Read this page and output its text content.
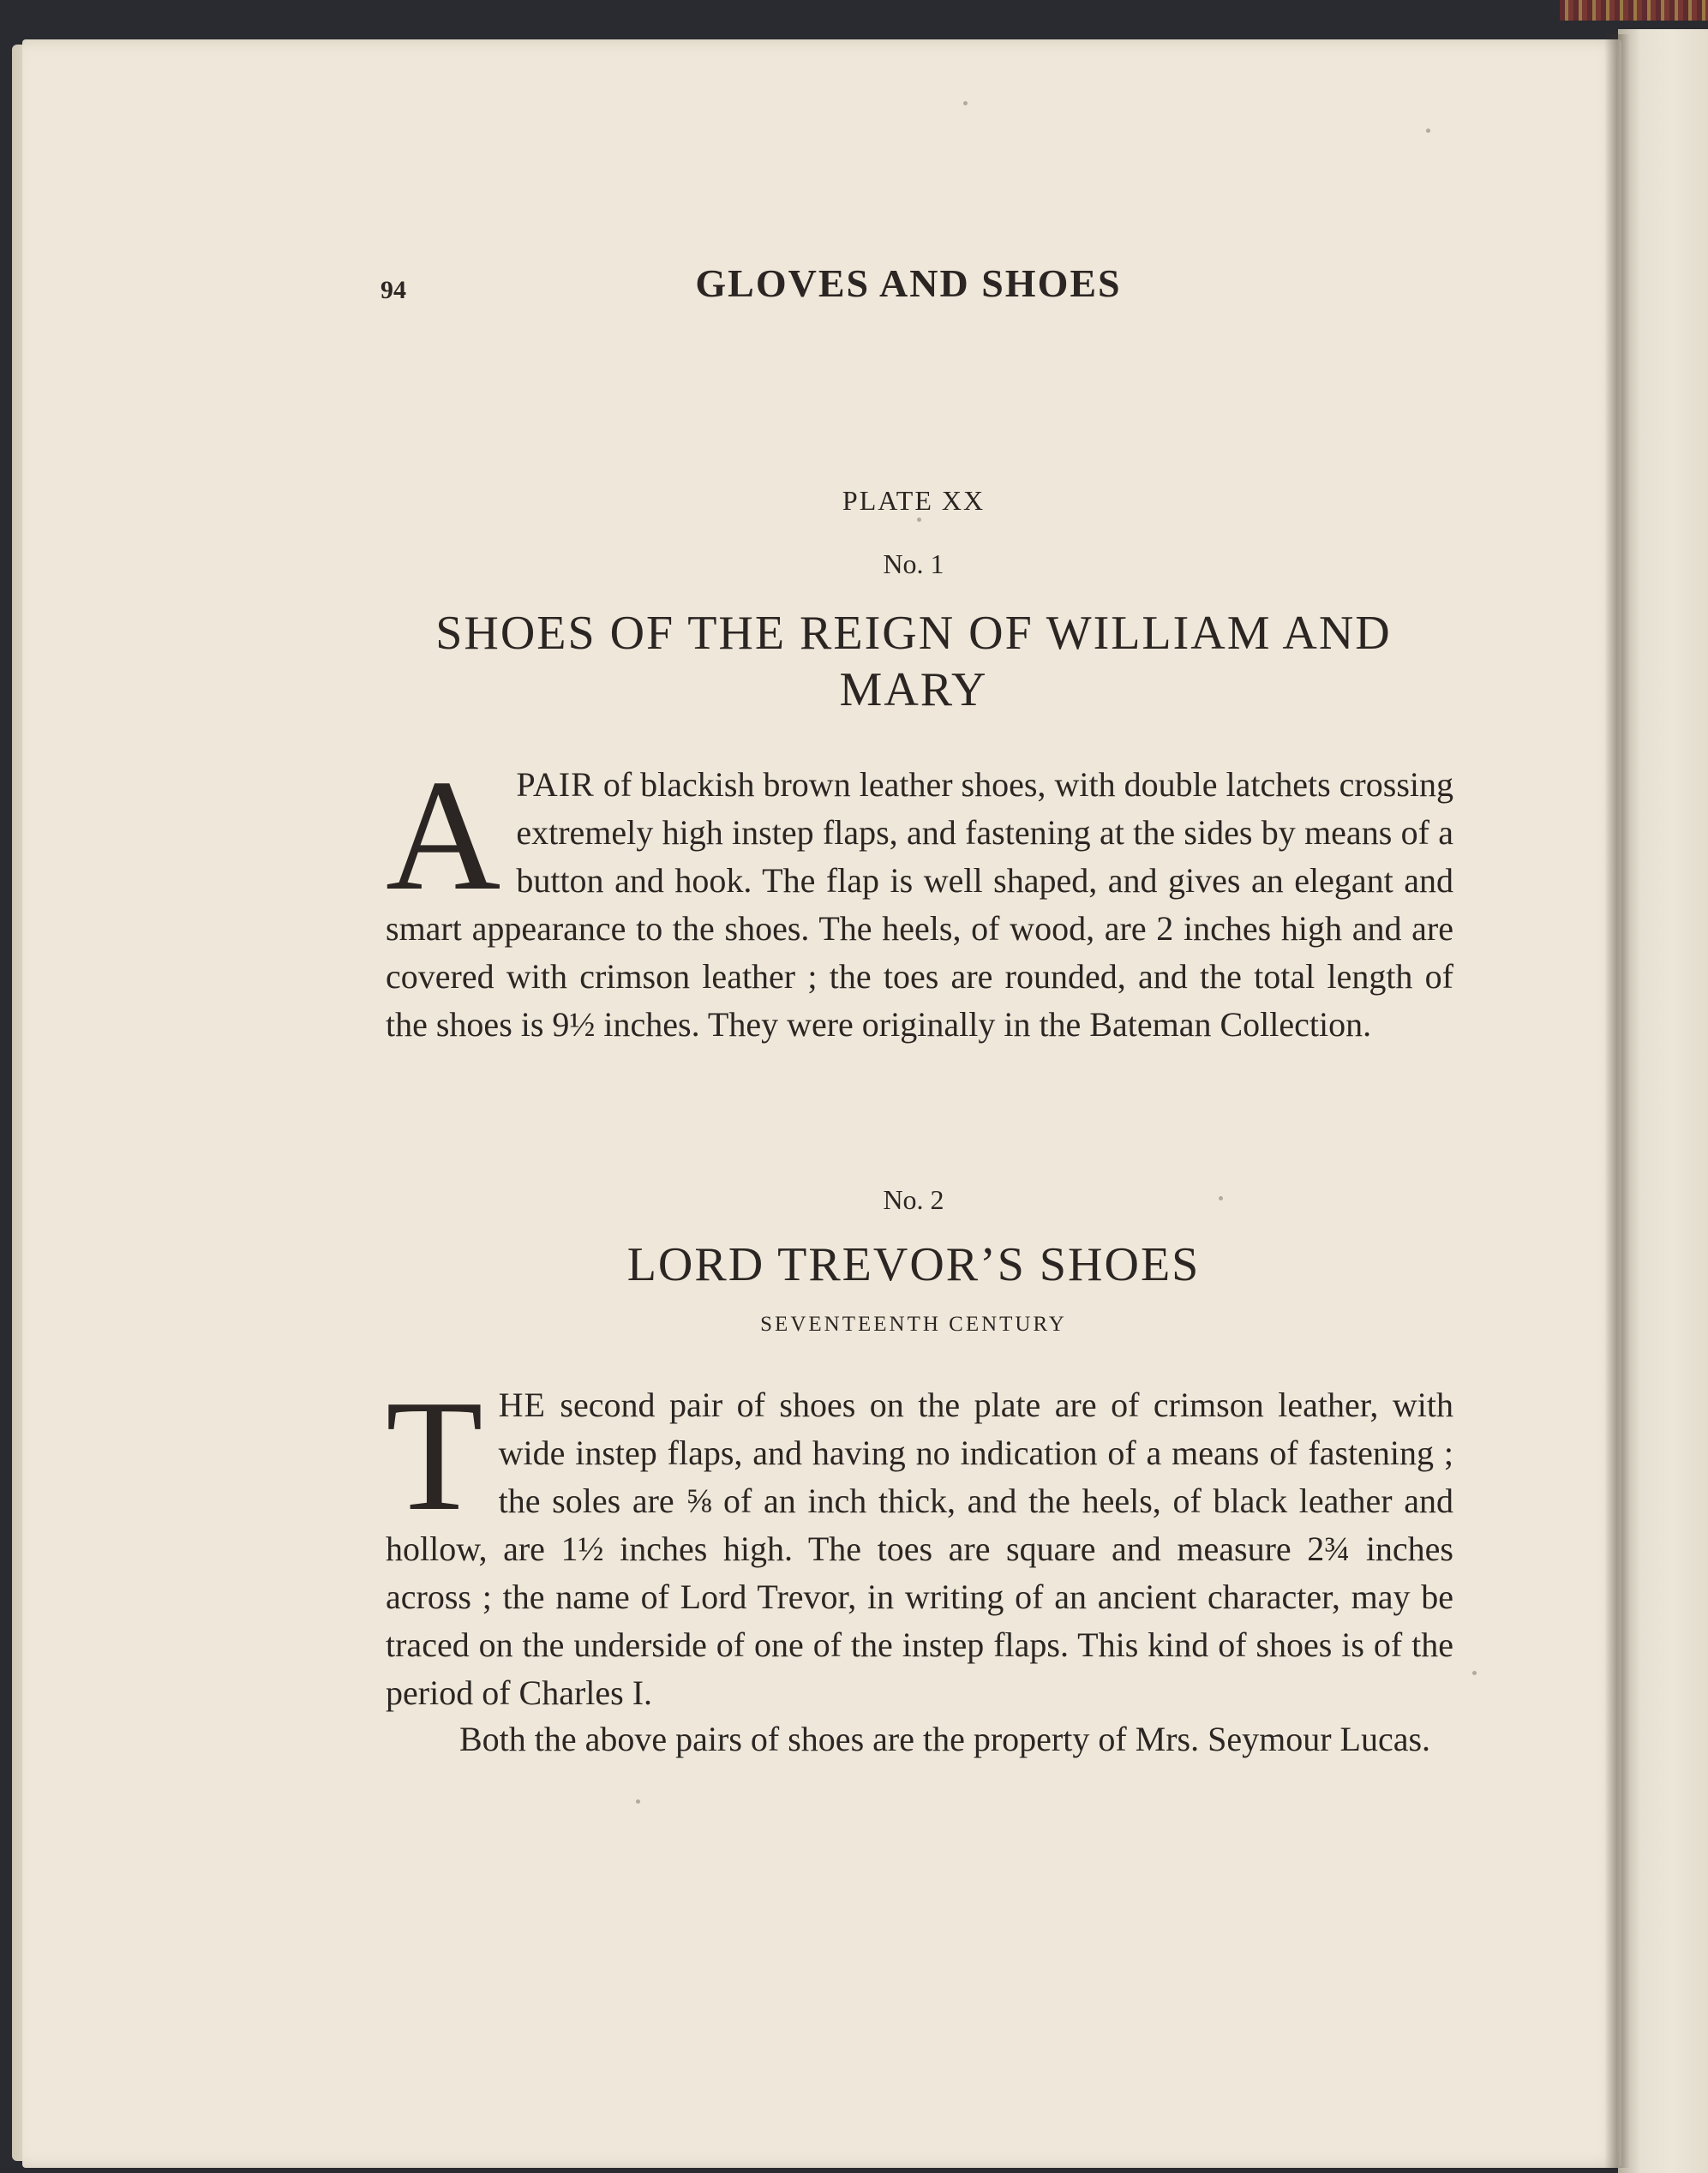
94	GLOVES AND SHOES
PLATE XX
No. 1
SHOES OF THE REIGN OF WILLIAM AND MARY
APAIR of blackish brown leather shoes, with double latchets crossing extremely high instep flaps, and fastening at the sides by means of a button and hook. The flap is well shaped, and gives an elegant and smart appearance to the shoes. The heels, of wood, are 2 inches high and are covered with crimson leather ; the toes are rounded, and the total length of the shoes is 9½ inches. They were originally in the Bateman Collection.
No. 2
LORD TREVOR’S SHOES
SEVENTEENTH CENTURY
THE second pair of shoes on the plate are of crimson leather, with wide instep flaps, and having no indication of a means of fastening ; the soles are ⅝ of an inch thick, and the heels, of black leather and hollow, are 1½ inches high. The toes are square and measure 2¾ inches across ; the name of Lord Trevor, in writing of an ancient character, may be traced on the underside of one of the instep flaps. This kind of shoes is of the period of Charles I.
Both the above pairs of shoes are the property of Mrs. Seymour Lucas.
